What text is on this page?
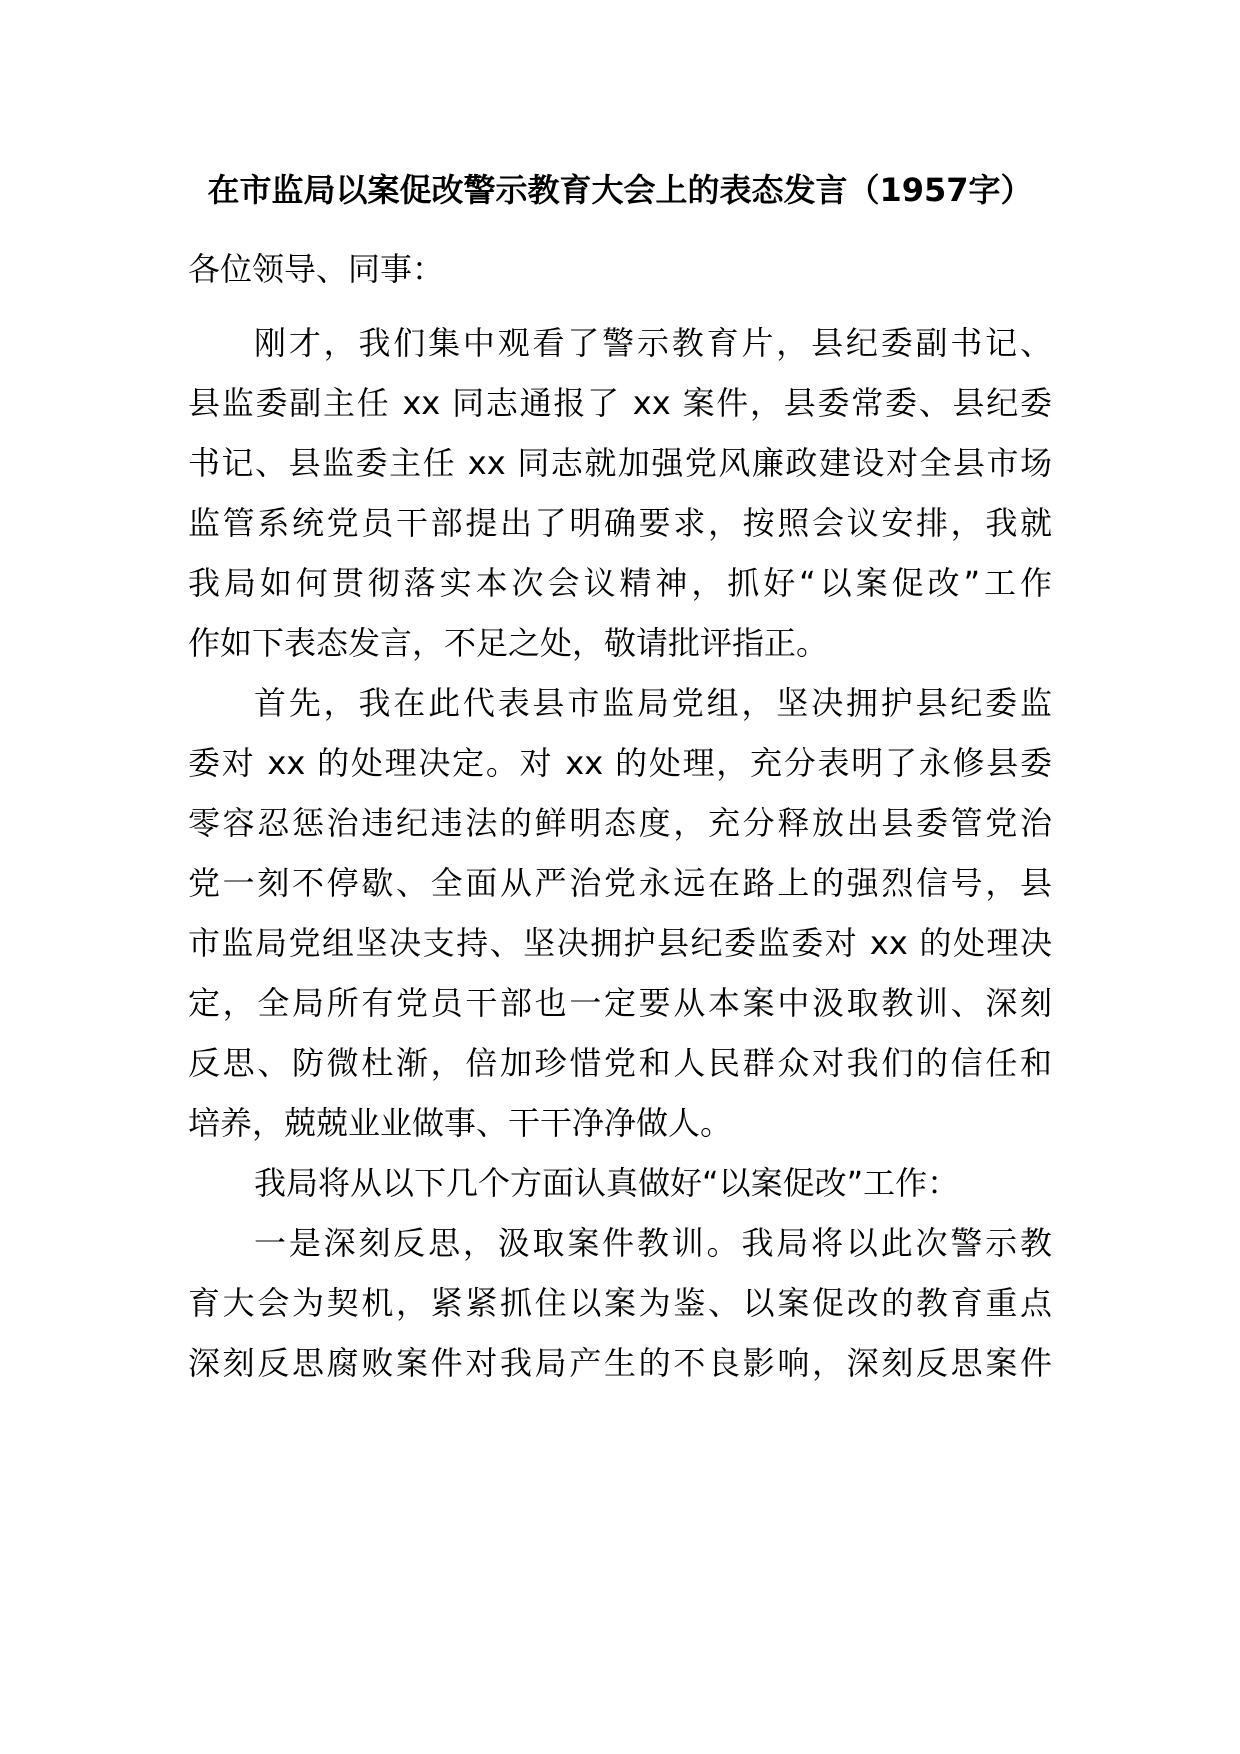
在市监局以案促改警示教育大会上的表态发言（1957字）
各位领导、同事：
刚才，我们集中观看了警示教育片，县纪委副书记、
县监委副主任 xx 同志通报了 xx 案件，县委常委、县纪委
书记、县监委主任 xx 同志就加强党风廉政建设对全县市场
监管系统党员干部提出了明确要求，按照会议安排，我就
我局如何贯彻落实本次会议精神，抓好“以案促改”工作
作如下表态发言，不足之处，敬请批评指正。
首先，我在此代表县市监局党组，坚决拥护县纪委监
委对 xx 的处理决定。对 xx 的处理，充分表明了永修县委
零容忍惩治违纪违法的鲜明态度，充分释放出县委管党治
党一刻不停歇、全面从严治党永远在路上的强烈信号，县
市监局党组坚决支持、坚决拥护县纪委监委对 xx 的处理决
定，全局所有党员干部也一定要从本案中汲取教训、深刻
反思、防微杜渐，倍加珍惜党和人民群众对我们的信任和
培养，兢兢业业做事、干干净净做人。
我局将从以下几个方面认真做好“以案促改”工作：
一是深刻反思，汲取案件教训。我局将以此次警示教
育大会为契机，紧紧抓住以案为鉴、以案促改的教育重点
深刻反思腐败案件对我局产生的不良影响，深刻反思案件
